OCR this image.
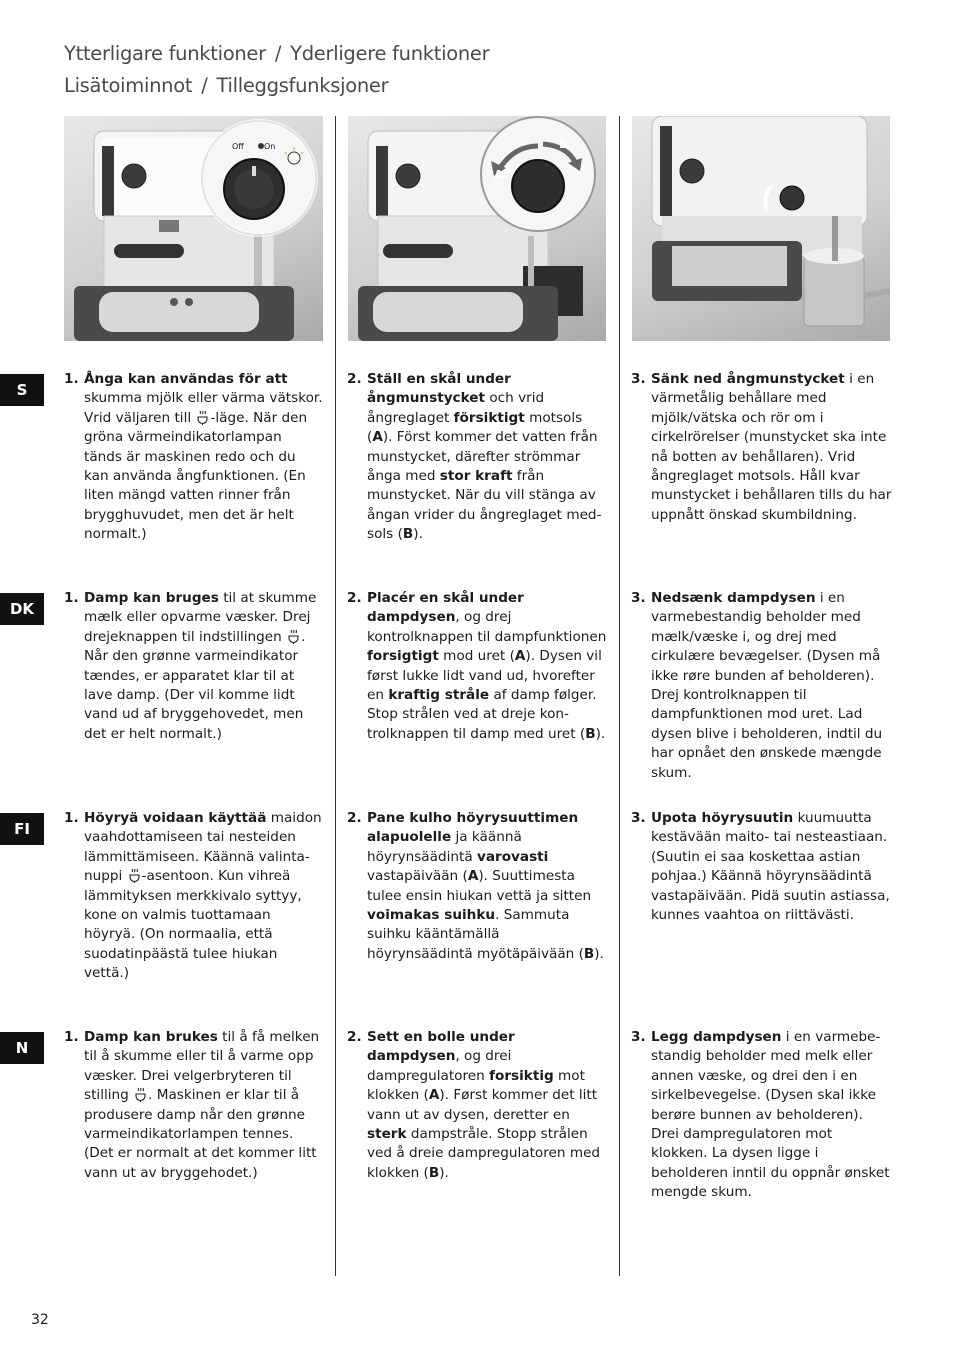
Ytterligare funktioner / Yderligere funktioner
Lisätoiminnot / Tilleggsfunksjoner
Off	On
A
B
S
DK
FI
N
1. Ånga kan användas för att skumma mjölk eller värma vätskor. Vrid väljaren till -läge. När den gröna värmeindikatorlampan tänds är maskinen redo och du kan använda ångfunktionen. (En liten mängd vatten rinner från brygghuvudet, men det är helt normalt.)
2. Ställ en skål under ångmunstycket och vrid ångreglaget försiktigt motsols (A). Först kommer det vatten från munstycket, därefter strömmar ånga med stor kraft från munstycket. När du vill stänga av ångan vrider du ångreglaget medsols (B).
3. Sänk ned ångmunstycket i en värmetålig behållare med mjölk/vätska och rör om i cirkelrörelser (munstycket ska inte nå botten av behållaren). Vrid ångreglaget motsols. Håll kvar munstycket i behållaren tills du har uppnått önskad skumbildning.
1. Damp kan bruges til at skumme mælk eller opvarme væsker. Drej drejeknappen til indstillingen . Når den grønne varmeindikator tændes, er apparatet klar til at lave damp. (Der vil komme lidt vand ud af bryggehovedet, men det er helt normalt.)
2. Placér en skål under dampdysen, og drej kontrolknappen til dampfunktionen forsigtigt mod uret (A). Dysen vil først lukke lidt vand ud, hvorefter en kraftig stråle af damp følger. Stop strålen ved at dreje kontrolknappen til damp med uret (B).
3. Nedsænk dampdysen i en varmebestandig beholder med mælk/væske i, og drej med cirkulære bevægelser. (Dysen må ikke røre bunden af beholderen). Drej kontrolknappen til dampfunktionen mod uret. Lad dysen blive i beholderen, indtil du har opnået den ønskede mængde skum.
1. Höyryä voidaan käyttää maidon vaahdottamiseen tai nesteiden lämmittämiseen. Käännä valintanuppi -asentoon. Kun vihreä lämmityksen merkkivalo syttyy, kone on valmis tuottamaan höyryä. (On normaalia, että suodatinpäästä tulee hiukan vettä.)
2. Pane kulho höyrysuuttimen alapuolelle ja käännä höyrynsäädintä varovasti vastapäivään (A). Suuttimesta tulee ensin hiukan vettä ja sitten voimakas suihku. Sammuta suihku kääntämällä höyrynsäädintä myötäpäivään (B).
3. Upota höyrysuutin kuumuutta kestävään maito- tai nesteastiaan. (Suutin ei saa koskettaa astian pohjaa.) Käännä höyrynsäädintä vastapäivään. Pidä suutin astiassa, kunnes vaahtoa on riittävästi.
1. Damp kan brukes til å få melken til å skumme eller til å varme opp væsker. Drei velgerbryteren til stilling . Maskinen er klar til å produsere damp når den grønne varmeindikatorlampen tennes. (Det er normalt at det kommer litt vann ut av bryggehodet.)
2. Sett en bolle under dampdysen, og drei dampregulatoren forsiktig mot klokken (A). Først kommer det litt vann ut av dysen, deretter en sterk dampstråle. Stopp strålen ved å dreie dampregulatoren med klokken (B).
3. Legg dampdysen i en varmebestandig beholder med melk eller annen væske, og drei den i en sirkelbevegelse. (Dysen skal ikke berøre bunnen av beholderen). Drei dampregulatoren mot klokken. La dysen ligge i beholderen inntil du oppnår ønsket mengde skum.
32
